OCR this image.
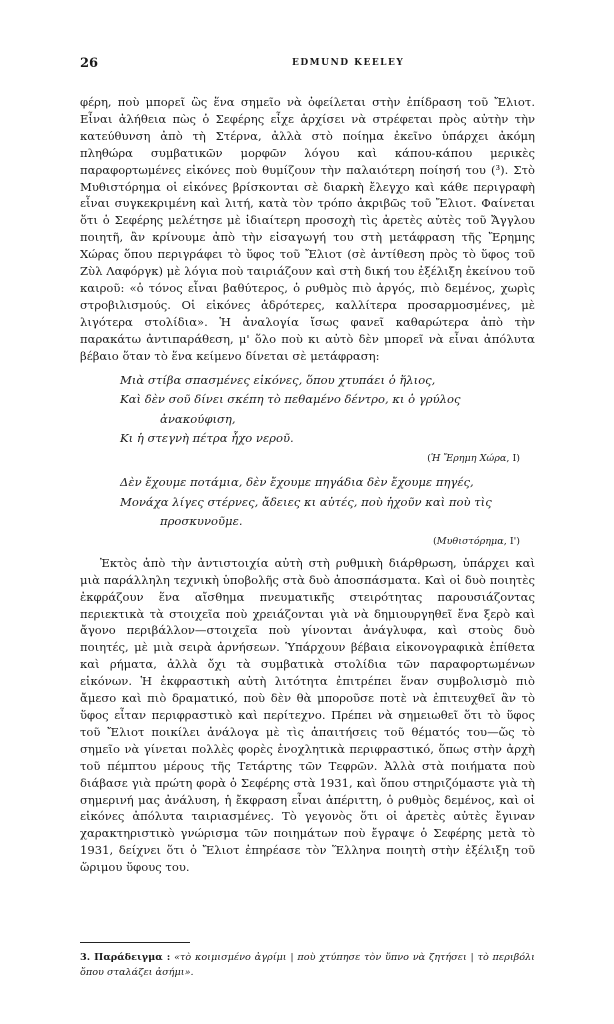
26	EDMUND KEELEY

φέρη, ποὺ μπορεῖ ὣς ἕνα σημεῖο νὰ ὀφείλεται στὴν ἐπίδραση τοῦ Ἔλιοτ. Εἶναι ἀλήθεια πὼς ὁ Σεφέρης εἶχε ἀρχίσει νὰ στρέφεται πρὸς αὐτὴν τὴν κατεύθυνση ἀπὸ τὴ Στέρνα, ἀλλὰ στὸ ποίημα ἐκεῖνο ὑπάρχει ἀκόμη πληθώρα συμβατικῶν μορφῶν λόγου καὶ κάπου-κάπου μερικὲς παραφορτωμένες εἰκόνες ποὺ θυμίζουν τὴν παλαιότερη ποίησή του (³). Στὸ Μυθιστόρημα οἱ εἰκόνες βρίσκονται σὲ διαρκὴ ἔλεγχο καὶ κάθε περιγραφὴ εἶναι συγκεκριμένη καὶ λιτή, κατὰ τὸν τρόπο ἀκριβῶς τοῦ Ἔλιοτ. Φαίνεται ὅτι ὁ Σεφέρης μελέτησε μὲ ἰδιαίτερη προσοχὴ τὶς ἀρετὲς αὐτὲς τοῦ Ἄγγλου ποιητῆ, ἂν κρίνουμε ἀπὸ τὴν εἰσαγωγή του στὴ μετάφραση τῆς Ἔρημης Χώρας ὅπου περιγράφει τὸ ὕφος τοῦ Ἔλιοτ (σὲ ἀντίθεση πρὸς τὸ ὕφος τοῦ Ζὺλ Λαφόργκ) μὲ λόγια ποὺ ταιριάζουν καὶ στὴ δική του ἐξέλιξη ἐκείνου τοῦ καιροῦ: «ὁ τόνος εἶναι βαθύτερος, ὁ ρυθμὸς πιὸ ἀργός, πιὸ δεμένος, χωρὶς στροβιλισμούς. Οἱ εἰκόνες ἀδρότερες, καλλίτερα προσαρμοσμένες, μὲ λιγότερα στολίδια». Ἡ ἀναλογία ἴσως φανεῖ καθαρώτερα ἀπὸ τὴν παρακάτω ἀντιπαράθεση, μ' ὅλο ποὺ κι αὐτὸ δὲν μπορεῖ νὰ εἶναι ἀπόλυτα βέβαιο ὅταν τὸ ἕνα κείμενο δίνεται σὲ μετάφραση:

Μιὰ στίβα σπασμένες εἰκόνες, ὅπου χτυπάει ὁ ἥλιος,
Καὶ δὲν σοῦ δίνει σκέπη τὸ πεθαμένο δέντρο, κι ὁ γρύλος
ἀνακούφιση,
Κι ἡ στεγνὴ πέτρα ἦχο νεροῦ.
(Ἡ Ἔρημη Χώρα, I)
Δὲν ἔχουμε ποτάμια, δὲν ἔχουμε πηγάδια δὲν ἔχουμε πηγές,
Μονάχα λίγες στέρνες, ἄδειες κι αὐτές, ποὺ ἠχοῦν καὶ ποὺ τὶς
προσκυνοῦμε.
(Μυθιστόρημα, Ι')

Ἐκτὸς ἀπὸ τὴν ἀντιστοιχία αὐτὴ στὴ ρυθμικὴ διάρθρωση, ὑπάρχει καὶ μιὰ παράλληλη τεχνικὴ ὑποβολῆς στὰ δυὸ ἀποσπάσματα. Καὶ οἱ δυὸ ποιητὲς ἐκφράζουν ἕνα αἴσθημα πνευματικῆς στειρότητας παρουσιάζοντας περιεκτικὰ τὰ στοιχεῖα ποὺ χρειάζονται γιὰ νὰ δημιουργηθεῖ ἕνα ξερὸ καὶ ἄγονο περιβάλλον—στοιχεῖα ποὺ γίνονται ἀνάγλυφα, καὶ στοὺς δυὸ ποιητές, μὲ μιὰ σειρὰ ἀρνήσεων. Ὑπάρχουν βέβαια εἰκονογραφικὰ ἐπίθετα καὶ ρήματα, ἀλλὰ ὄχι τὰ συμβατικὰ στολίδια τῶν παραφορτωμένων εἰκόνων. Ἡ ἐκφραστικὴ αὐτὴ λιτότητα ἐπιτρέπει ἕναν συμβολισμὸ πιὸ ἄμεσο καὶ πιὸ δραματικό, ποὺ δὲν θὰ μποροῦσε ποτὲ νὰ ἐπιτευχθεῖ ἂν τὸ ὕφος εἶταν περιφραστικὸ καὶ περίτεχνο. Πρέπει νὰ σημειωθεῖ ὅτι τὸ ὕφος τοῦ Ἔλιοτ ποικίλει ἀνάλογα μὲ τὶς ἀπαιτήσεις τοῦ θέματός του—ὥς τὸ σημεῖο νὰ γίνεται πολλὲς φορὲς ἐνοχλητικὰ περιφραστικό, ὅπως στὴν ἀρχὴ τοῦ πέμπτου μέρους τῆς Τετάρτης τῶν Τεφρῶν. Ἀλλὰ στὰ ποιήματα ποὺ διάβασε γιὰ πρώτη φορὰ ὁ Σεφέρης στὰ 1931, καὶ ὅπου στηριζόμαστε γιὰ τὴ σημερινή μας ἀνάλυση, ἡ ἔκφραση εἶναι ἀπέριττη, ὁ ρυθμὸς δεμένος, καὶ οἱ εἰκόνες ἀπόλυτα ταιριασμένες. Τὸ γεγονὸς ὅτι οἱ ἀρετὲς αὐτὲς ἔγιναν χαρακτηριστικὸ γνώρισμα τῶν ποιημάτων ποὺ ἔγραψε ὁ Σεφέρης μετὰ τὸ 1931, δείχνει ὅτι ὁ Ἔλιοτ ἐπηρέασε τὸν Ἕλληνα ποιητὴ στὴν ἐξέλιξη τοῦ ὥριμου ὕφους του.

3. Παράδειγμα : «τὸ κοιμισμένο ἀγρίμι | ποὺ χτύπησε τὸν ὕπνο νὰ ζητήσει | τὸ περιβόλι ὅπου σταλάζει ἀσήμι».
